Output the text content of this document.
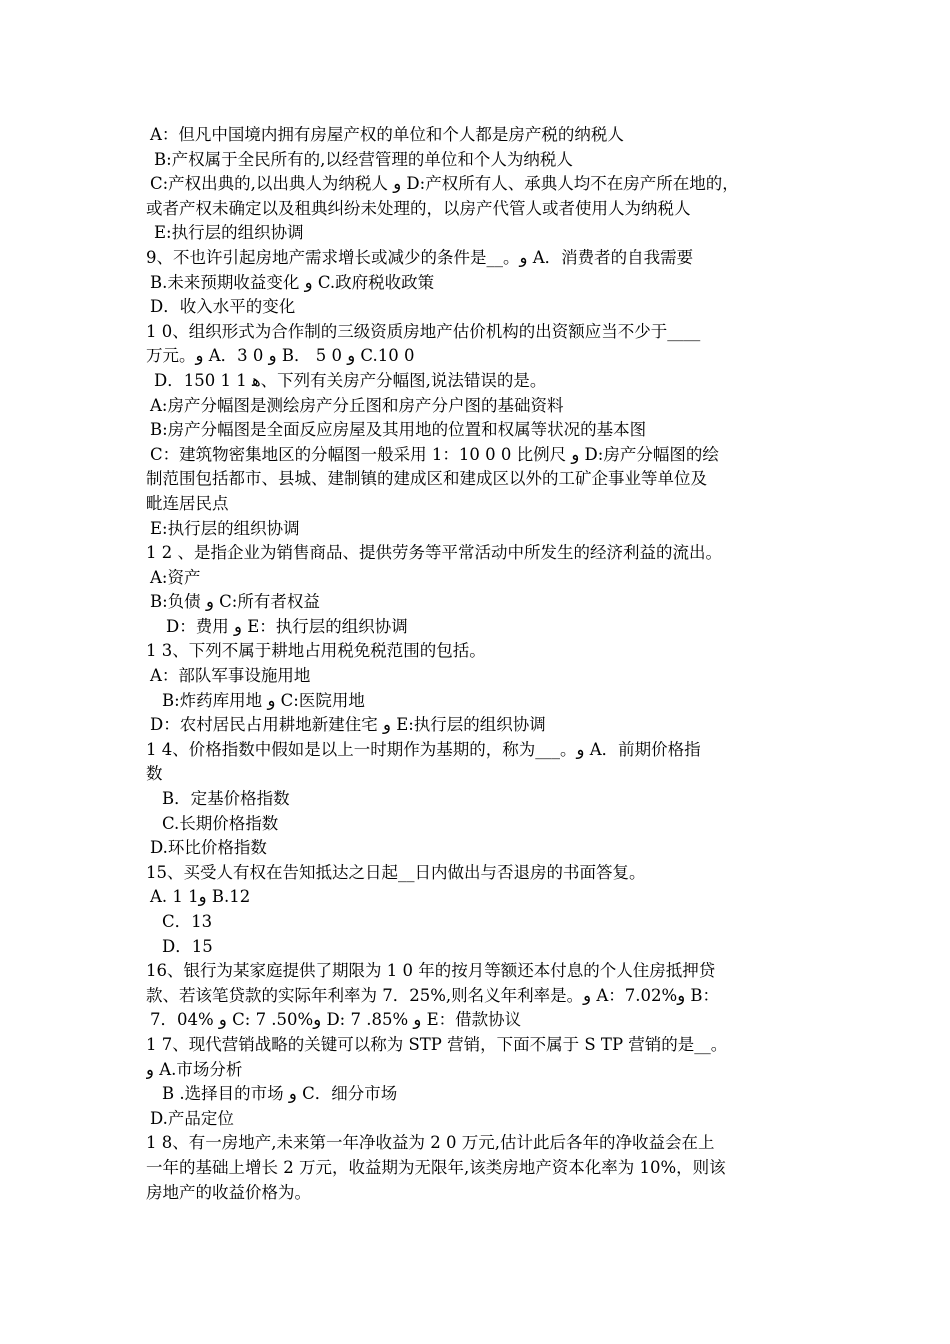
A：但凡中国境内拥有房屋产权的单位和个人都是房产税的纳税人
B:产权属于全民所有的,以经营管理的单位和个人为纳税人
C:产权出典的,以出典人为纳税人 و D:产权所有人、承典人均不在房产所在地的，
或者产权未确定以及租典纠纷未处理的，以房产代管人或者使用人为纳税人
E:执行层的组织协调
9、不也许引起房地产需求增长或减少的条件是__。و A．消费者的自我需要
B.未来预期收益变化 و C.政府税收政策
D．收入水平的变化
1 0、组织形式为合作制的三级资质房地产估价机构的出资额应当不少于____
万元。و A．3 0 و B． 5 0 و C.10 0
D．150 1 1 ﻫ、下列有关房产分幅图,说法错误的是。
A:房产分幅图是测绘房产分丘图和房产分户图的基础资料
B:房产分幅图是全面反应房屋及其用地的位置和权属等状况的基本图
C：建筑物密集地区的分幅图一般采用 1：10 0 0 比例尺 و D:房产分幅图的绘
制范围包括都市、县城、建制镇的建成区和建成区以外的工矿企事业等单位及
毗连居民点
E:执行层的组织协调
1 2 、是指企业为销售商品、提供劳务等平常活动中所发生的经济利益的流出。
A:资产
B:负债 و C:所有者权益
D：费用 و E：执行层的组织协调
1 3、下列不属于耕地占用税免税范围的包括。
A：部队军事设施用地
B:炸药库用地 و C:医院用地
D：农村居民占用耕地新建住宅 و E:执行层的组织协调
1 4、价格指数中假如是以上一时期作为基期的，称为___。و A．前期价格指
数
B．定基价格指数
C.长期价格指数
D.环比价格指数
15、买受人有权在告知抵达之日起__日内做出与否退房的书面答复。
A. 1 1و B.12
C．13
D．15
16、银行为某家庭提供了期限为 1 0 年的按月等额还本付息的个人住房抵押贷
款、若该笔贷款的实际年利率为 7．25%,则名义年利率是。و A：7.02%و B：
7．04% و C: 7 .50%و D: 7 .85% و E：借款协议
1 7、现代营销战略的关键可以称为 STP 营销，下面不属于 S TP 营销的是__。
و A.市场分析
B .选择目的市场 و C．细分市场
D.产品定位
1 8、有一房地产,未来第一年净收益为 2 0 万元,估计此后各年的净收益会在上
一年的基础上增长 2 万元，收益期为无限年,该类房地产资本化率为 10%，则该
房地产的收益价格为。
